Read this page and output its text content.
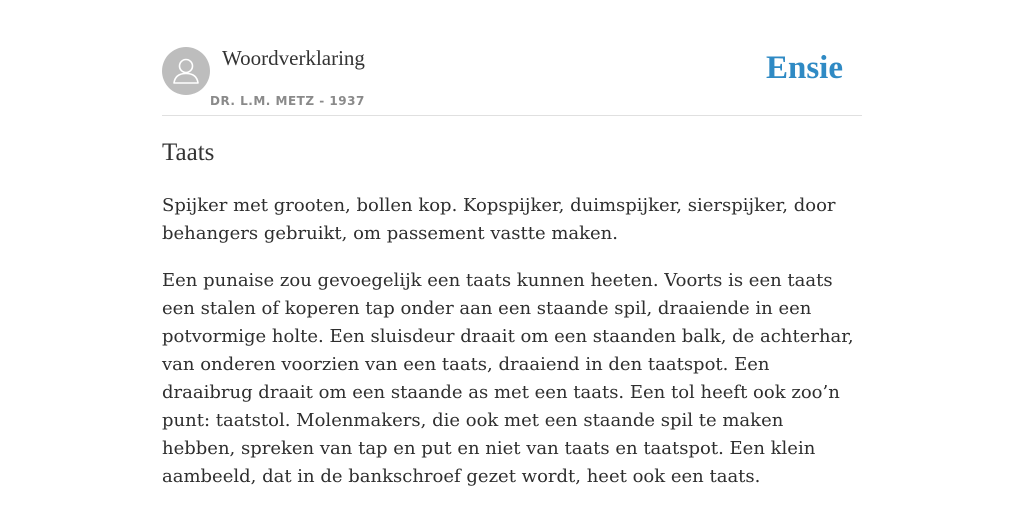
Woordverklaring
DR. L.M. METZ - 1937
Ensie
Taats

Spijker met grooten, bollen kop. Kopspijker, duimspijker, sierspijker, door behangers gebruikt, om passement vastte maken.

Een punaise zou gevoegelijk een taats kunnen heeten. Voorts is een taats een stalen of koperen tap onder aan een staande spil, draaiende in een potvormige holte. Een sluisdeur draait om een staanden balk, de achterhar, van onderen voorzien van een taats, draaiend in den taatspot. Een draaibrug draait om een staande as met een taats. Een tol heeft ook zoo’n punt: taatstol. Molenmakers, die ook met een staande spil te maken hebben, spreken van tap en put en niet van taats en taatspot. Een klein aambeeld, dat in de bankschroef gezet wordt, heet ook een taats.
